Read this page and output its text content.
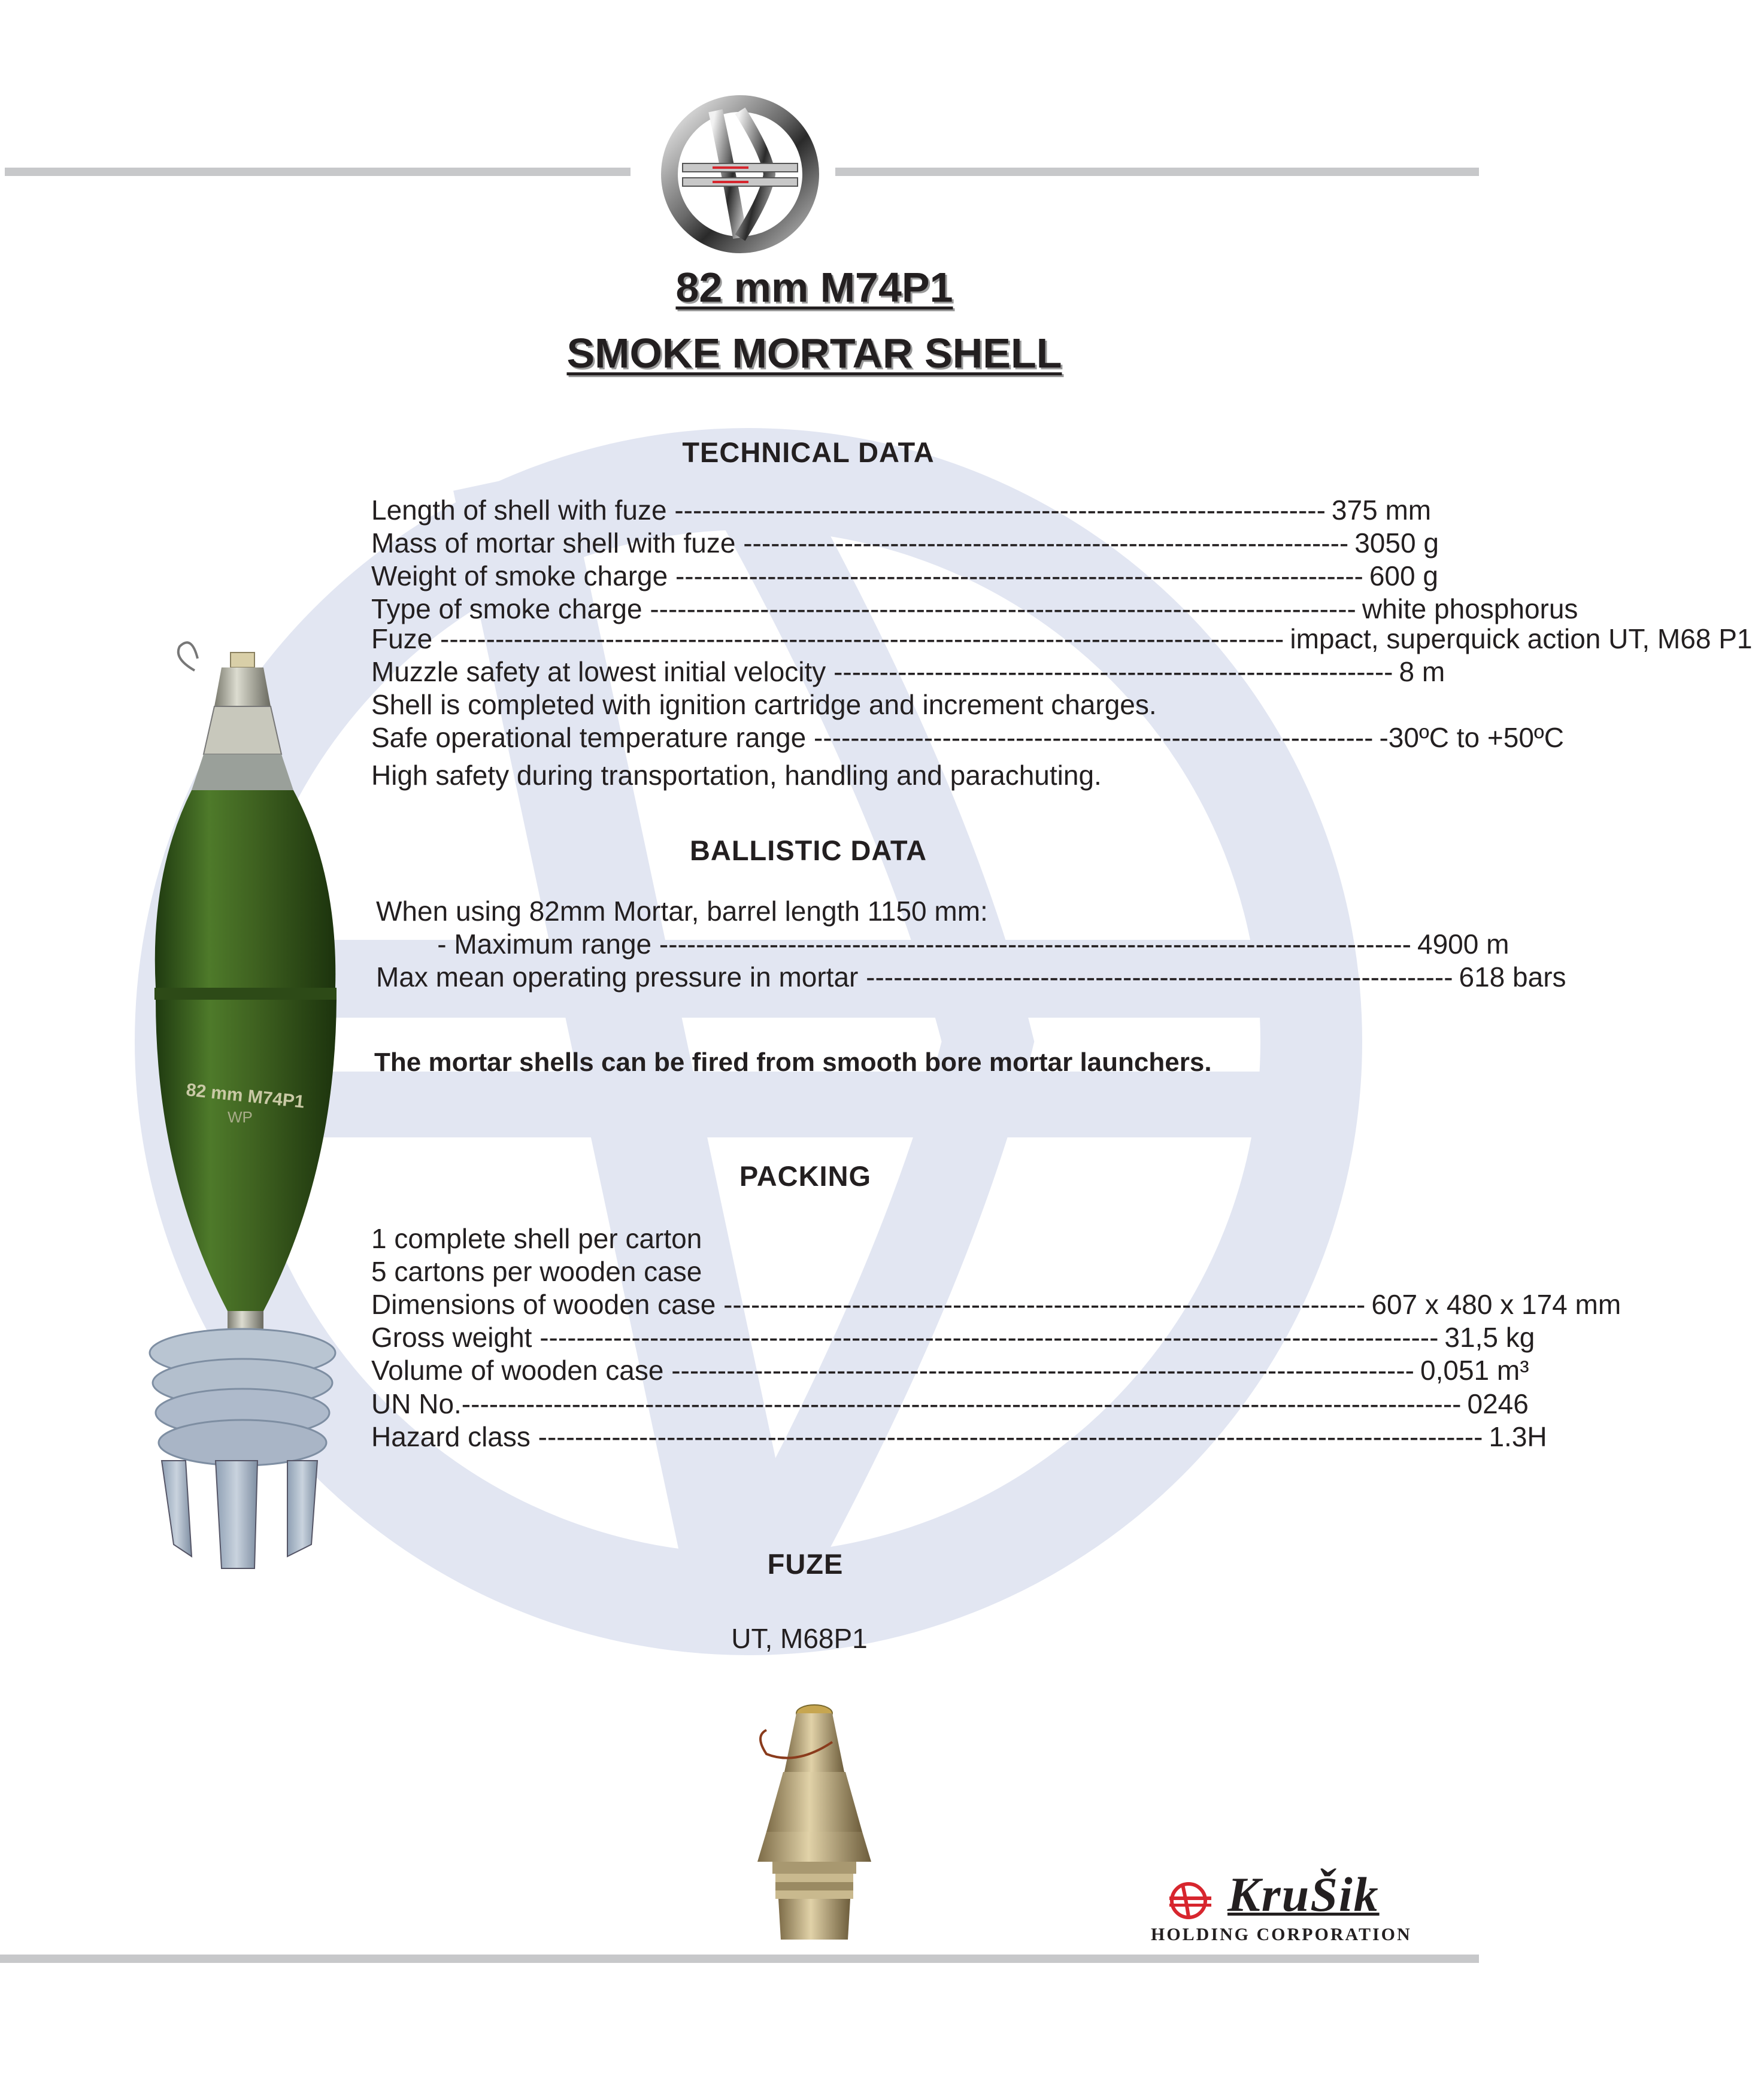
82 mm M74P1
SMOKE MORTAR SHELL
TECHNICAL DATA
Length of shell with fuze ----------------------------------------------------------------------- 375 mm
Mass of mortar shell with fuze ------------------------------------------------------------------ 3050 g
Weight of smoke charge --------------------------------------------------------------------------- 600 g
Type of smoke charge ----------------------------------------------------------------------------- white phosphorus
Fuze -------------------------------------------------------------------------------------------- impact, superquick action UT, M68 P1
Muzzle safety at lowest initial velocity ------------------------------------------------------------- 8 m
Shell is completed with ignition cartridge and increment charges.
Safe operational temperature range ------------------------------------------------------------- -30ºC to +50ºC
High safety during transportation, handling and parachuting.
BALLISTIC DATA
When using 82mm Mortar, barrel length 1150 mm:
- Maximum range ---------------------------------------------------------------------------------- 4900 m
Max mean operating pressure in mortar ---------------------------------------------------------------- 618 bars
The mortar shells can be fired from smooth bore mortar launchers.
PACKING
1 complete shell per carton
5 cartons per wooden case
Dimensions of wooden case ---------------------------------------------------------------------- 607 x 480 x 174 mm
Gross weight -------------------------------------------------------------------------------------------------- 31,5 kg
Volume of wooden case --------------------------------------------------------------------------------- 0,051 m³
UN No.------------------------------------------------------------------------------------------------------------- 0246
Hazard class ------------------------------------------------------------------------------------------------------- 1.3H
FUZE
UT, M68P1
82 mm M74P1
WP
KruŠik
HOLDING CORPORATION
